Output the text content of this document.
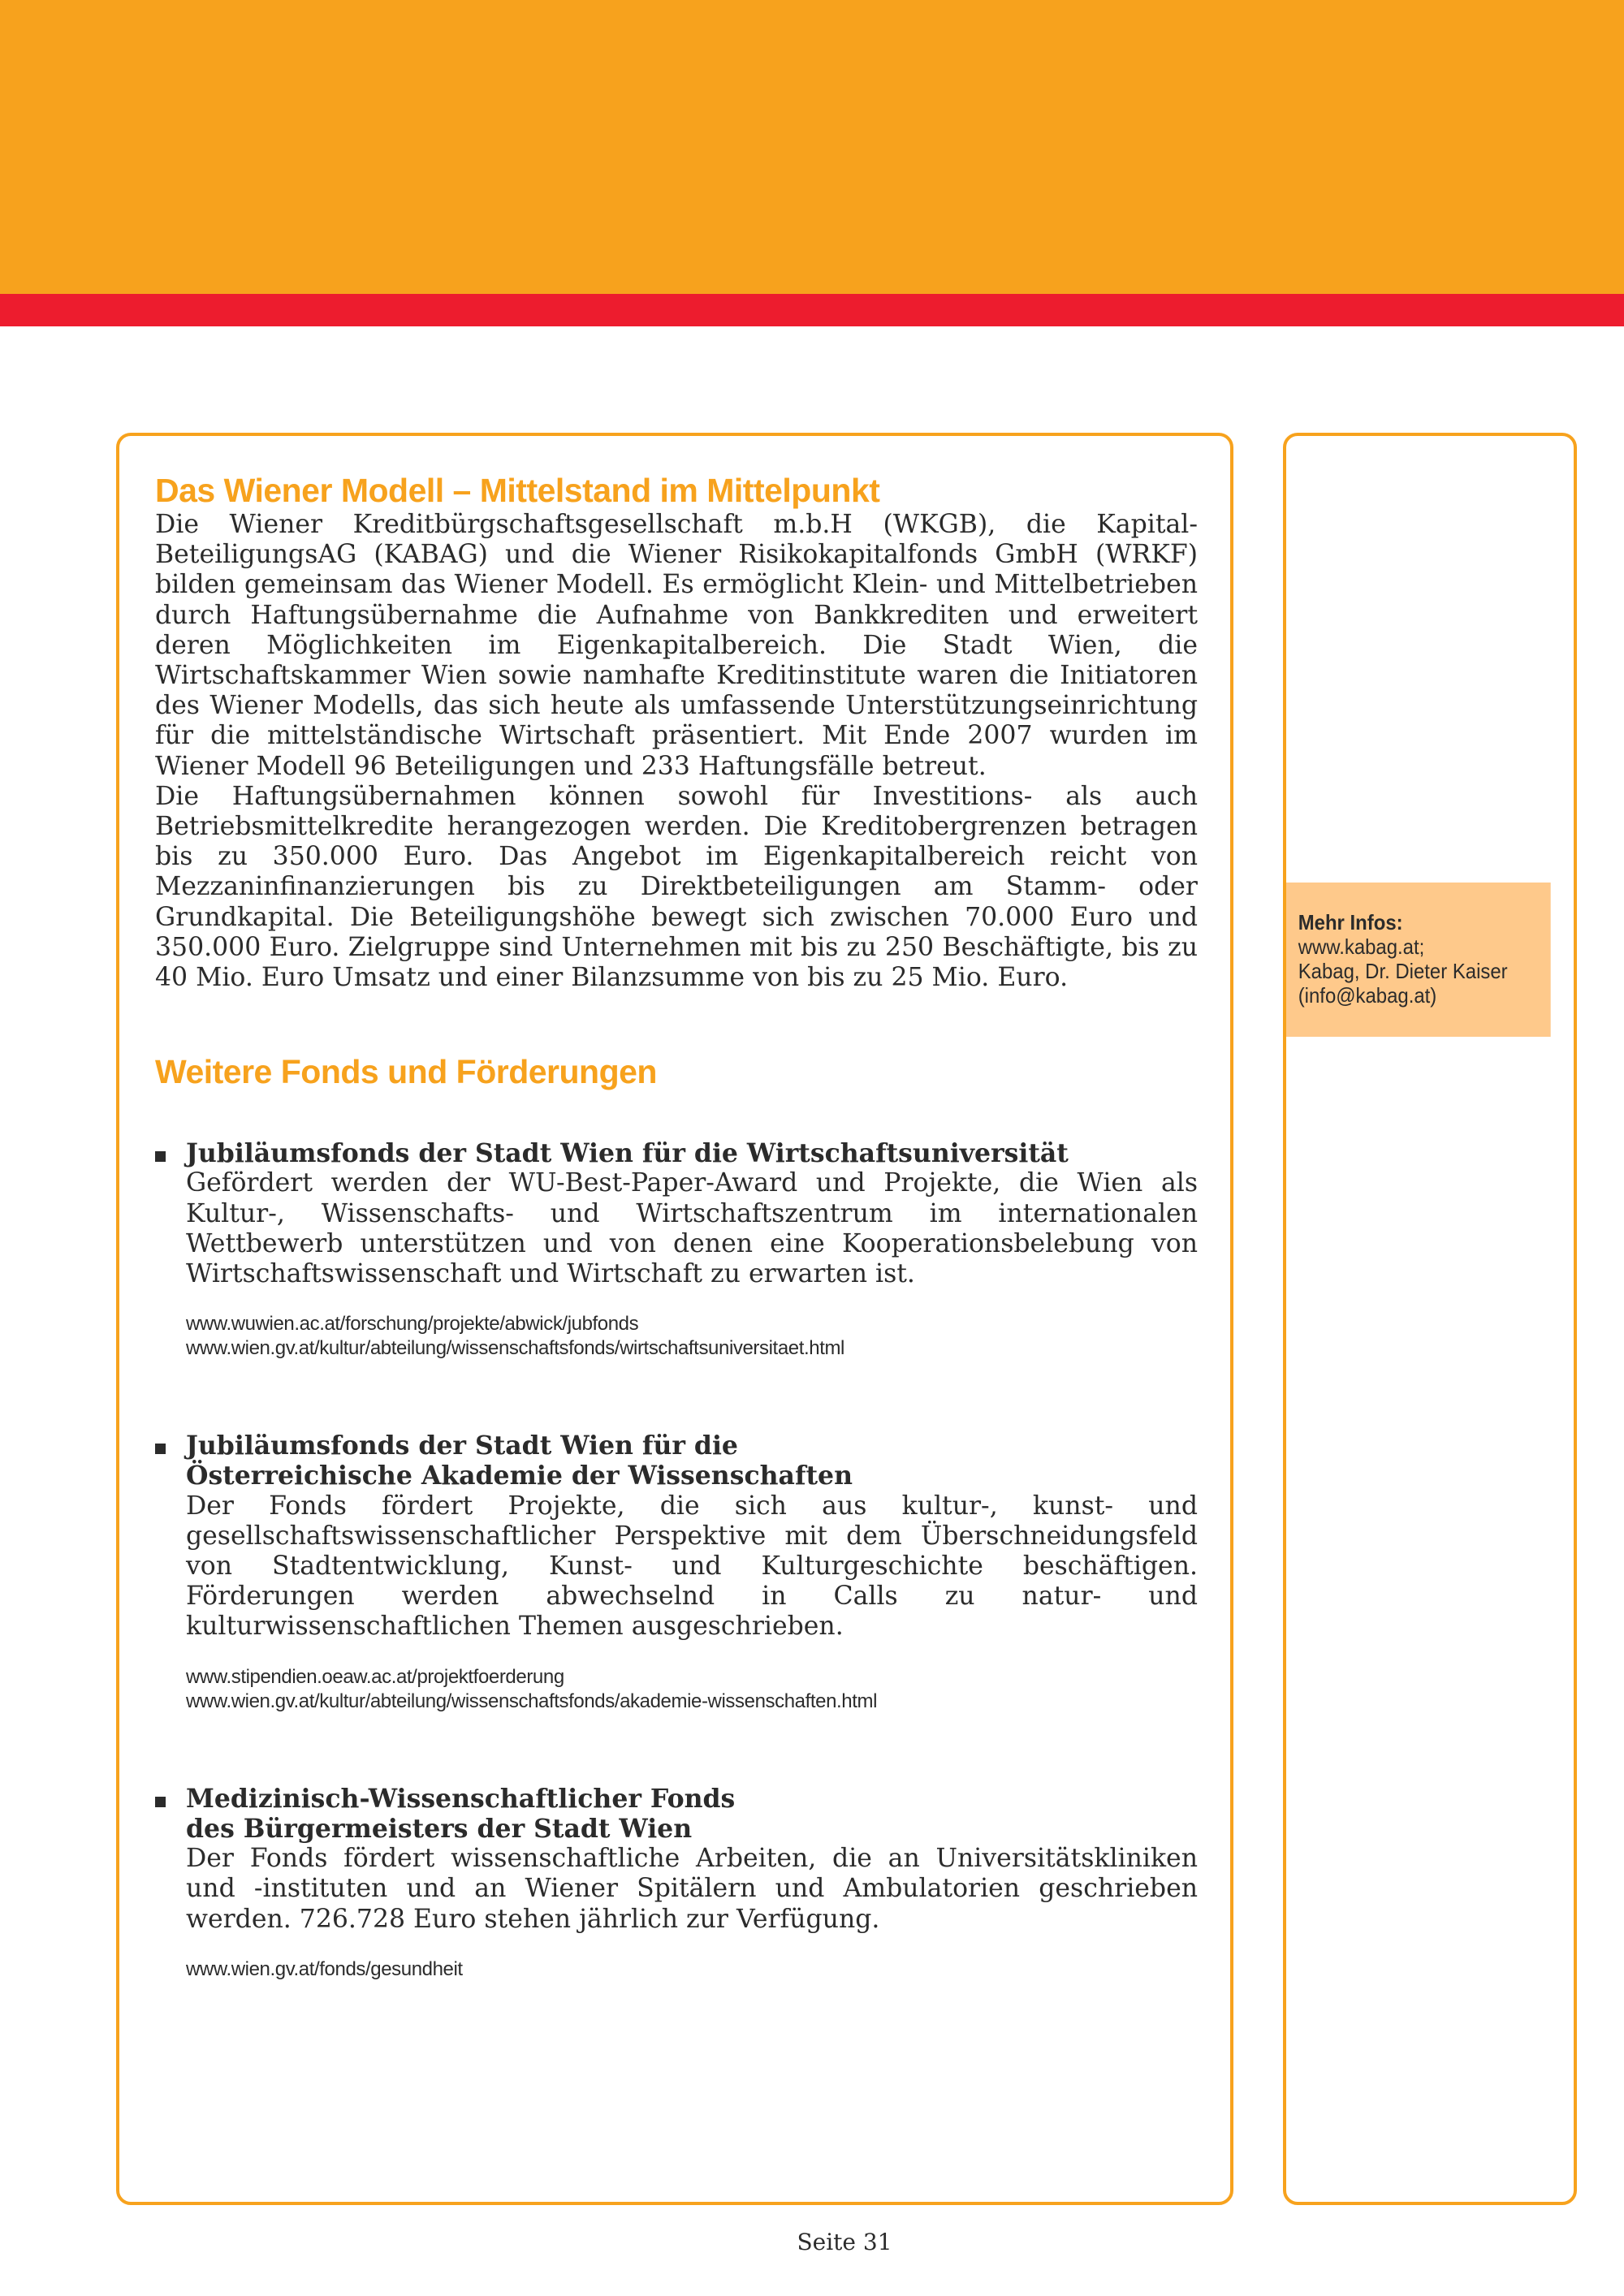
Mehr Infos:
www.kabag.at;
Kabag, Dr. Dieter Kaiser
(info@kabag.at)
Das Wiener Modell – Mittelstand im Mittelpunkt

Die Wiener Kreditbürgschaftsgesellschaft m.b.H (WKGB), die Kapital-BeteiligungsAG (KABAG) und die Wiener Risikokapitalfonds GmbH (WRKF) bilden gemeinsam das Wiener Modell. Es ermöglicht Klein- und Mittelbetrieben durch Haftungsübernahme die Aufnahme von Bankkrediten und erweitert deren Möglichkeiten im Eigenkapitalbereich. Die Stadt Wien, die Wirtschaftskammer Wien sowie namhafte Kreditinstitute waren die Initiatoren des Wiener Modells, das sich heute als umfassende Unterstützungseinrichtung für die mittelständische Wirtschaft präsentiert. Mit Ende 2007 wurden im Wiener Modell 96 Beteiligungen und 233 Haftungsfälle betreut.

Die Haftungsübernahmen können sowohl für Investitions- als auch Betriebsmittelkredite herangezogen werden. Die Kreditobergrenzen betragen bis zu 350.000 Euro. Das Angebot im Eigenkapitalbereich reicht von Mezzaninfinanzierungen bis zu Direktbeteiligungen am Stamm- oder Grundkapital. Die Beteiligungshöhe bewegt sich zwischen 70.000 Euro und 350.000 Euro. Zielgruppe sind Unternehmen mit bis zu 250 Beschäftigte, bis zu 40 Mio. Euro Umsatz und einer Bilanzsumme von bis zu 25 Mio. Euro.

Weitere Fonds und Förderungen
Jubiläumsfonds der Stadt Wien für die Wirtschaftsuniversität

Gefördert werden der WU-Best-Paper-Award und Projekte, die Wien als Kultur-, Wissenschafts- und Wirtschaftszentrum im internationalen Wettbewerb unterstützen und von denen eine Kooperationsbelebung von Wirtschaftswissenschaft und Wirtschaft zu erwarten ist.

www.wuwien.ac.at/forschung/projekte/abwick/jubfonds
www.wien.gv.at/kultur/abteilung/wissenschaftsfonds/wirtschaftsuniversitaet.html
Jubiläumsfonds der Stadt Wien für die
Österreichische Akademie der Wissenschaften

Der Fonds fördert Projekte, die sich aus kultur-, kunst- und gesellschaftswissenschaftlicher Perspektive mit dem Überschneidungsfeld von Stadtentwicklung, Kunst- und Kulturgeschichte beschäftigen. Förderungen werden abwechselnd in Calls zu natur- und kulturwissenschaftlichen Themen ausgeschrieben.

www.stipendien.oeaw.ac.at/projektfoerderung
www.wien.gv.at/kultur/abteilung/wissenschaftsfonds/akademie-wissenschaften.html
Medizinisch-Wissenschaftlicher Fonds
des Bürgermeisters der Stadt Wien

Der Fonds fördert wissenschaftliche Arbeiten, die an Universitätskliniken und -instituten und an Wiener Spitälern und Ambulatorien geschrieben werden. 726.728 Euro stehen jährlich zur Verfügung.

www.wien.gv.at/fonds/gesundheit
Seite 31
